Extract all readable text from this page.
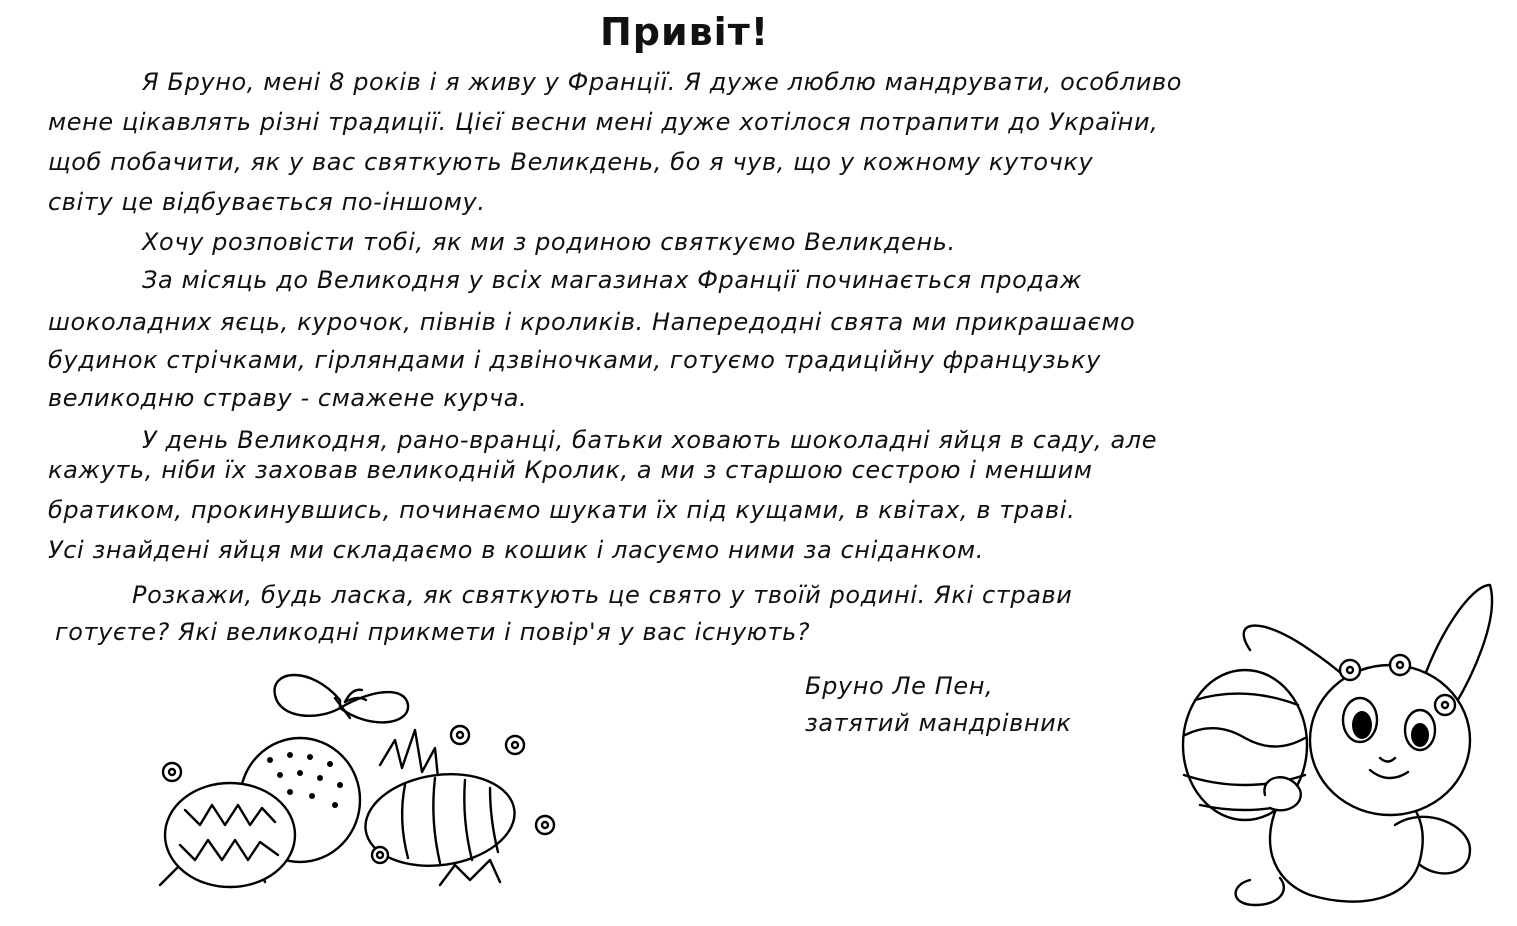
Привіт!
Я Бруно, мені 8 років і я живу у Франції. Я дуже люблю мандрувати, особливо
мене цікавлять різні традиції. Цієї весни мені дуже хотілося потрапити до України,
щоб побачити, як у вас святкують Великдень, бо я чув, що у кожному куточку
світу це відбувається по-іншому.
Хочу розповісти тобі, як ми з родиною святкуємо Великдень.
За місяць до Великодня у всіх магазинах Франції починається продаж
шоколадних яєць, курочок, півнів і кроликів. Напередодні свята ми прикрашаємо
будинок стрічками, гірляндами і дзвіночками, готуємо традиційну французьку
великодню страву - смажене курча.
У день Великодня, рано-вранці, батьки ховають шоколадні яйця в саду, але
кажуть, ніби їх заховав великодній Кролик, а ми з старшою сестрою і меншим
братиком, прокинувшись, починаємо шукати їх під кущами, в квітах, в траві.
Усі знайдені яйця ми складаємо в кошик і ласуємо ними за сніданком.
Розкажи, будь ласка, як святкують це свято у твоїй родині. Які страви
готуєте? Які великодні прикмети і повір'я у вас існують?
Бруно Ле Пен,
затятий мандрівник
